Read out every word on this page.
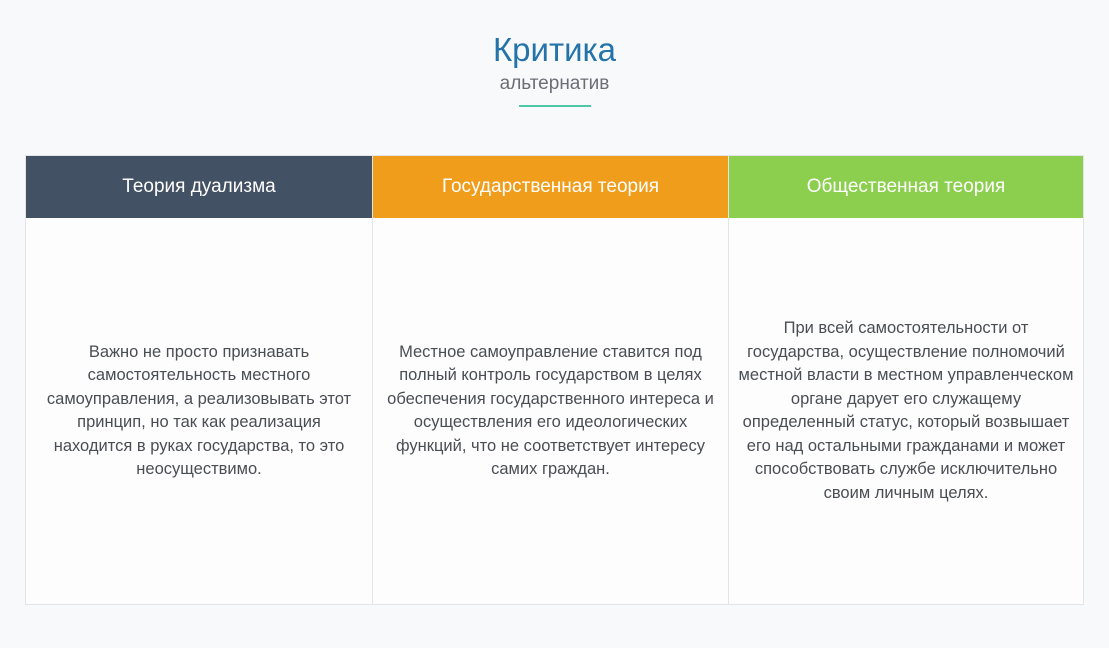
Критика
альтернатив
Теория дуализма
Важно не просто признавать самостоятельность местного самоуправления, а реализовывать этот принцип, но так как реализация находится в руках государства, то это неосуществимо.
Государственная теория
Местное самоуправление ставится под полный контроль государством в целях обеспечения государственного интереса и осуществления его идеологических функций, что не соответствует интересу самих граждан.
Общественная теория
При всей самостоятельности от государства, осуществление полномочий местной власти в местном управленческом органе дарует его служащему определенный статус, который возвышает его над остальными гражданами и может способствовать службе исключительно своим личным целях.
